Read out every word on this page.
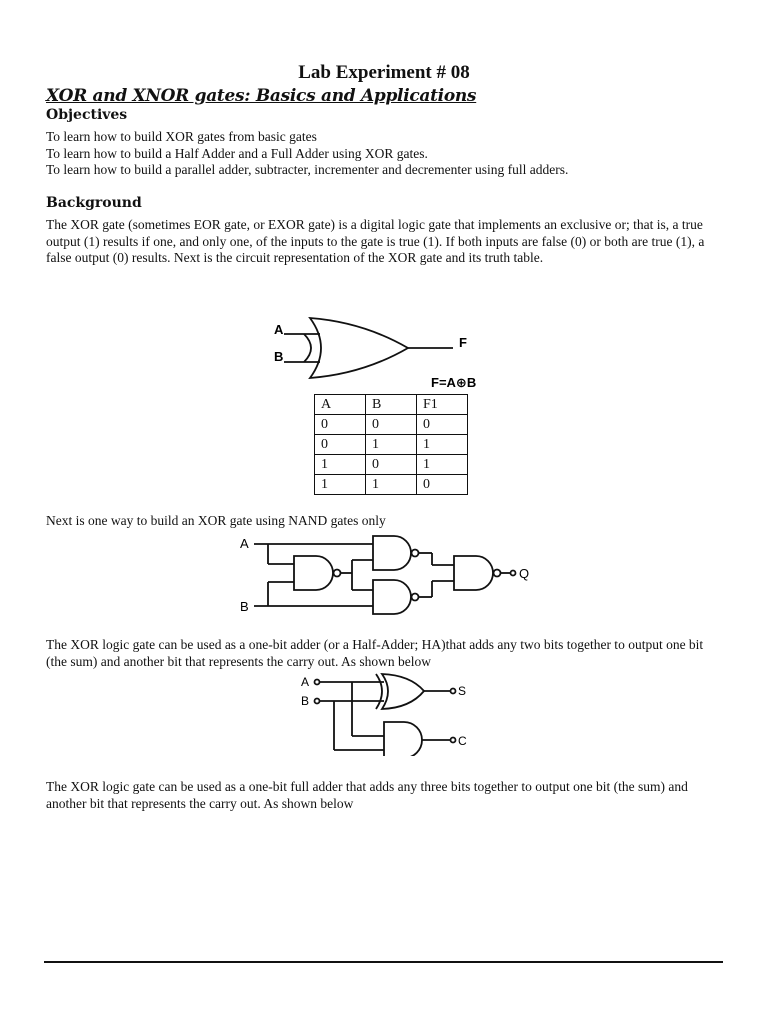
Lab Experiment # 08
XOR and XNOR gates: Basics and Applications
Objectives
To learn how to build XOR gates from basic gates
To learn how to build a Half Adder and a Full Adder using XOR gates.
To learn how to build a parallel adder, subtracter, incrementer and decrementer using full adders.
Background
The XOR gate (sometimes EOR gate, or EXOR gate) is a digital logic gate that implements an exclusive or; that is, a true output (1) results if one, and only one, of the inputs to the gate is true (1). If both inputs are false (0) or both are true (1), a false output (0) results. Next is the circuit representation of the XOR gate and its truth table.
A
B
F
F=A⊕B
A	B	F1
0	0	0
0	1	1
1	0	1
1	1	0
Next is one way to build an XOR gate using NAND gates only
A
B
Q
The XOR logic gate can be used as a one-bit adder (or a Half-Adder; HA)that adds any two bits together to output one bit (the sum) and another bit that represents the carry out. As shown below
A
B
S
C
The XOR logic gate can be used as a one-bit full adder that adds any three bits together to output one bit (the sum) and another bit that represents the carry out. As shown below
